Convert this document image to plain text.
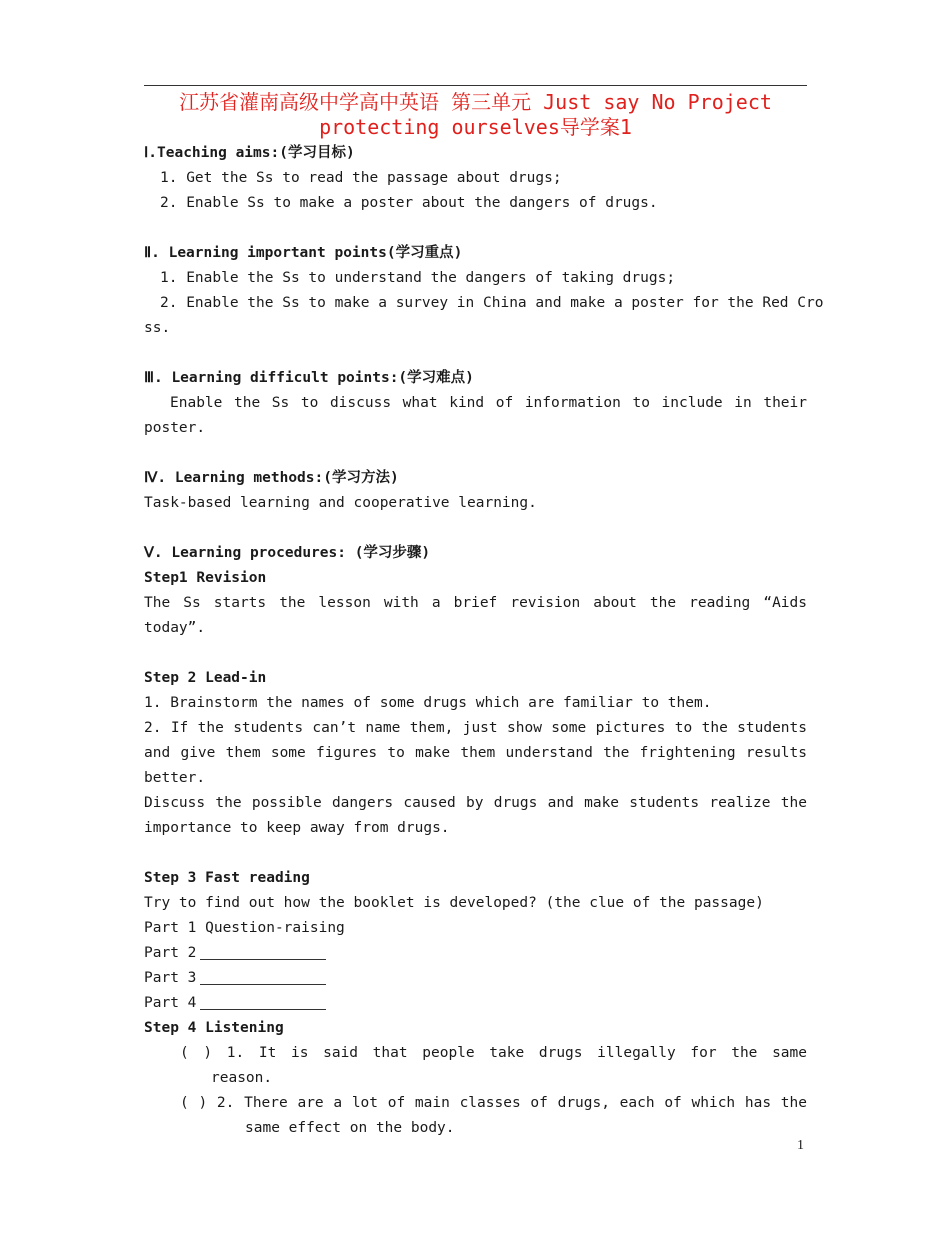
江苏省灌南高级中学高中英语 第三单元 Just say No Project
protecting ourselves导学案1
Ⅰ.Teaching aims:(学习目标)
1. Get the Ss to read the passage about drugs;
2. Enable Ss to make a poster about the dangers of drugs.
Ⅱ. Learning important points(学习重点)
1. Enable the Ss to understand the dangers of taking drugs;
2. Enable the Ss to make a survey in China and make a poster for the Red Cro
ss.
Ⅲ. Learning difficult points:(学习难点)
Enable the Ss to discuss what kind of information to include in their
poster.
Ⅳ. Learning methods:(学习方法)
Task-based learning and cooperative learning.
Ⅴ. Learning procedures: (学习步骤)
Step1 Revision
The Ss starts the lesson with a brief revision about the reading “Aids
today”.
Step 2 Lead-in
1. Brainstorm the names of some drugs which are familiar to them.
2. If the students can’t name them, just show some pictures to the students
and give them some figures to make them understand the frightening results
better.
Discuss the possible dangers caused by drugs and make students realize the
importance to keep away from drugs.
Step 3 Fast reading
Try to find out how the booklet is developed? (the clue of the passage)
Part 1 Question-raising
Part 2
Part 3
Part 4
Step 4 Listening
( ) 1. It is said that people take drugs illegally for the same
reason.
( ) 2. There are a lot of main classes of drugs, each of which has the
same effect on the body.
1
